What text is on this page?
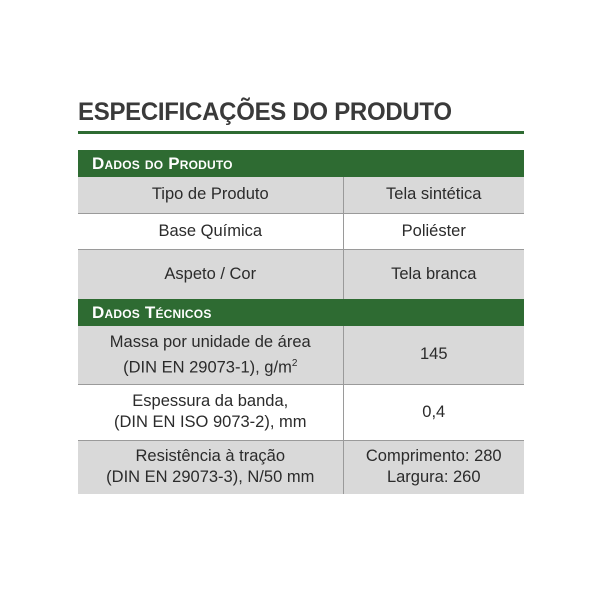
ESPECIFICAÇÕES DO PRODUTO
Dados do Produto	
Tipo de Produto	Tela sintética
Base Química	Poliéster
Aspeto / Cor	Tela branca
Dados Técnicos	

Massa por unidade de área
(DIN EN 29073-1), $g/m^2$	145

Espessura da banda,
(DIN EN ISO 9073-2), mm	0,4

Resistência à tração
(DIN EN 29073-3), N/50 mm	Comprimento: 280
Largura: 260
